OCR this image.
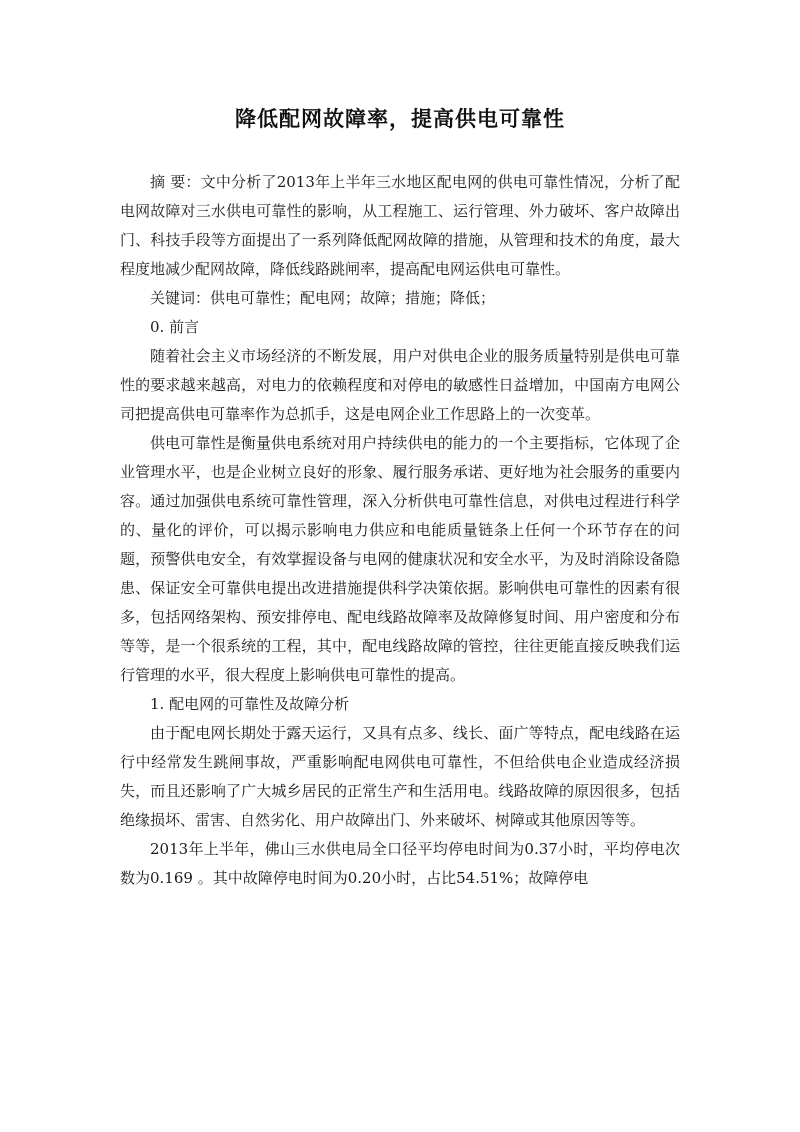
降低配网故障率，提高供电可靠性

摘 要：文中分析了2013年上半年三水地区配电网的供电可靠性情况，分析了配电网故障对三水供电可靠性的影响，从工程施工、运行管理、外力破坏、客户故障出门、科技手段等方面提出了一系列降低配网故障的措施，从管理和技术的角度，最大程度地减少配网故障，降低线路跳闸率，提高配电网运供电可靠性。

关键词：供电可靠性；配电网；故障；措施；降低；

0. 前言

随着社会主义市场经济的不断发展，用户对供电企业的服务质量特别是供电可靠性的要求越来越高，对电力的依赖程度和对停电的敏感性日益增加，中国南方电网公司把提高供电可靠率作为总抓手，这是电网企业工作思路上的一次变革。

供电可靠性是衡量供电系统对用户持续供电的能力的一个主要指标，它体现了企业管理水平，也是企业树立良好的形象、履行服务承诺、更好地为社会服务的重要内容。通过加强供电系统可靠性管理，深入分析供电可靠性信息，对供电过程进行科学的、量化的评价，可以揭示影响电力供应和电能质量链条上任何一个环节存在的问题，预警供电安全，有效掌握设备与电网的健康状况和安全水平，为及时消除设备隐患、保证安全可靠供电提出改进措施提供科学决策依据。影响供电可靠性的因素有很多，包括网络架构、预安排停电、配电线路故障率及故障修复时间、用户密度和分布等等，是一个很系统的工程，其中，配电线路故障的管控，往往更能直接反映我们运行管理的水平，很大程度上影响供电可靠性的提高。

1. 配电网的可靠性及故障分析

由于配电网长期处于露天运行，又具有点多、线长、面广等特点，配电线路在运行中经常发生跳闸事故，严重影响配电网供电可靠性，不但给供电企业造成经济损失，而且还影响了广大城乡居民的正常生产和生活用电。线路故障的原因很多，包括绝缘损坏、雷害、自然劣化、用户故障出门、外来破坏、树障或其他原因等等。

2013年上半年，佛山三水供电局全口径平均停电时间为0.37小时，平均停电次数为0.169 。其中故障停电时间为0.20小时，占比54.51%；故障停电
